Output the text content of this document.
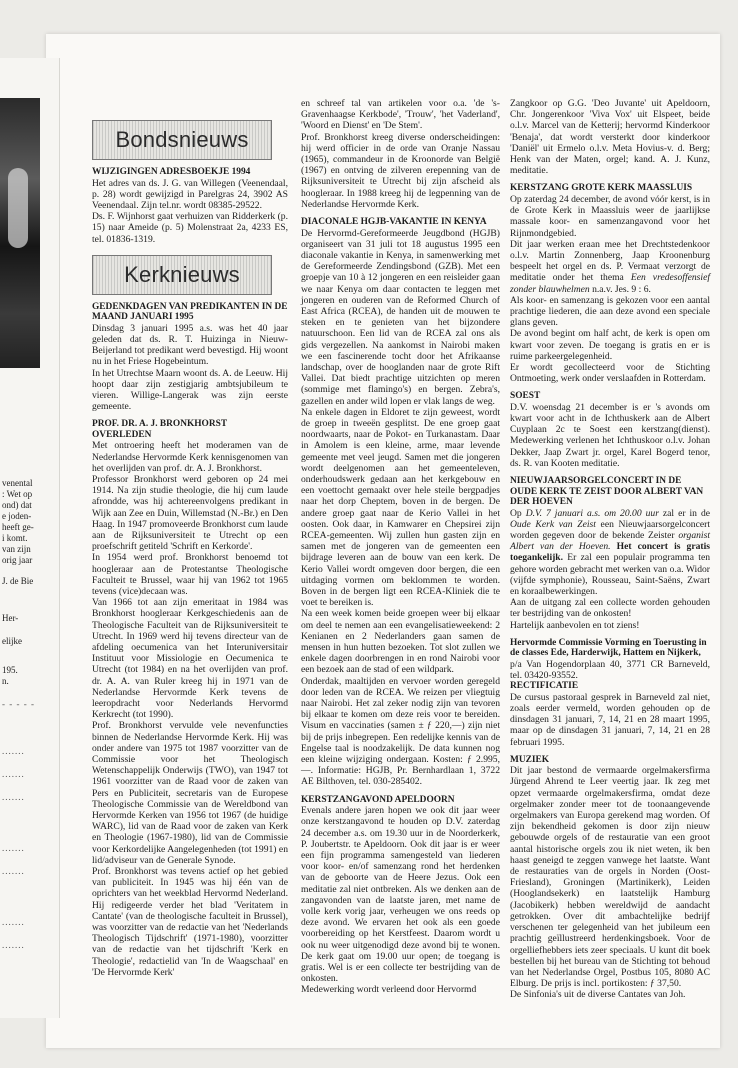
venental
: Wet op
ond) dat
e joden-
heeft ge-
i komt.
van zijn
orig jaar
J. de Bie
Her-
elijke
195.
n.
- - - - -
.......
.......
.......
.......
.......
.......
.......
Bondsnieuws
WIJZIGINGEN ADRESBOEKJE 1994

Het adres van ds. J. G. van Willegen (Veenendaal, p. 28) wordt gewijzigd in Parelgras 24, 3902 AS Veenendaal. Zijn tel.nr. wordt 08385-29522.

Ds. F. Wijnhorst gaat verhuizen van Ridderkerk (p. 15) naar Ameide (p. 5) Molenstraat 2a, 4233 ES, tel. 01836-1319.

Kerknieuws
GEDENKDAGEN VAN PREDIKANTEN IN DE MAAND JANUARI 1995

Dinsdag 3 januari 1995 a.s. was het 40 jaar geleden dat ds. R. T. Huizinga in Nieuw-Beijerland tot predikant werd bevestigd. Hij woont nu in het Friese Hogebeintum.

In het Utrechtse Maarn woont ds. A. de Leeuw. Hij hoopt daar zijn zestigjarig ambtsjubileum te vieren. Willige-Langerak was zijn eerste gemeente.

PROF. DR. A. J. BRONKHORST OVERLEDEN

Met ontroering heeft het moderamen van de Nederlandse Hervormde Kerk kennisgenomen van het overlijden van prof. dr. A. J. Bronkhorst.

Professor Bronkhorst werd geboren op 24 mei 1914. Na zijn studie theologie, die hij cum laude afrondde, was hij achtereenvolgens predikant in Wijk aan Zee en Duin, Willemstad (N.-Br.) en Den Haag. In 1947 promoveerde Bronkhorst cum laude aan de Rijksuniversiteit te Utrecht op een proefschrift getiteld 'Schrift en Kerkorde'.

In 1954 werd prof. Bronkhorst benoemd tot hoogleraar aan de Protestantse Theologische Faculteit te Brussel, waar hij van 1962 tot 1965 tevens (vice)decaan was.

Van 1966 tot aan zijn emeritaat in 1984 was Bronkhorst hoogleraar Kerkgeschiedenis aan de Theologische Faculteit van de Rijksuniversiteit te Utrecht. In 1969 werd hij tevens directeur van de afdeling oecumenica van het Interuniversitair Instituut voor Missiologie en Oecumenica te Utrecht (tot 1984) en na het overlijden van prof. dr. A. A. van Ruler kreeg hij in 1971 van de Nederlandse Hervormde Kerk tevens de leeropdracht voor Nederlands Hervormd Kerkrecht (tot 1990).

Prof. Bronkhorst vervulde vele nevenfuncties binnen de Nederlandse Hervormde Kerk. Hij was onder andere van 1975 tot 1987 voorzitter van de Commissie voor het Theologisch Wetenschappelijk Onderwijs (TWO), van 1947 tot 1961 voorzitter van de Raad voor de zaken van Pers en Publiciteit, secretaris van de Europese Theologische Commissie van de Wereldbond van Hervormde Kerken van 1956 tot 1967 (de huidige WARC), lid van de Raad voor de zaken van Kerk en Theologie (1967-1980), lid van de Commissie voor Kerkordelijke Aangelegenheden (tot 1991) en lid/adviseur van de Generale Synode.

Prof. Bronkhorst was tevens actief op het gebied van publiciteit. In 1945 was hij één van de oprichters van het weekblad Hervormd Nederland. Hij redigeerde verder het blad 'Veritatem in Cantate' (van de theologische faculteit in Brussel), was voorzitter van de redactie van het 'Nederlands Theologisch Tijdschrift' (1971-1980), voorzitter van de redactie van het tijdschrift 'Kerk en Theologie', redactielid van 'In de Waagschaal' en 'De Hervormde Kerk'

en schreef tal van artikelen voor o.a. 'de 's-Gravenhaagse Kerkbode', 'Trouw', 'het Vaderland', 'Woord en Dienst' en 'De Stem'.

Prof. Bronkhorst kreeg diverse onderscheidingen: hij werd officier in de orde van Oranje Nassau (1965), commandeur in de Kroonorde van België (1967) en ontving de zilveren erepenning van de Rijksuniversiteit te Utrecht bij zijn afscheid als hoogleraar. In 1988 kreeg hij de legpenning van de Nederlandse Hervormde Kerk.

DIACONALE HGJB-VAKANTIE IN KENYA

De Hervormd-Gereformeerde Jeugdbond (HGJB) organiseert van 31 juli tot 18 augustus 1995 een diaconale vakantie in Kenya, in samenwerking met de Gereformeerde Zendingsbond (GZB). Met een groepje van 10 à 12 jongeren en een reisleider gaan we naar Kenya om daar contacten te leggen met jongeren en ouderen van de Reformed Church of East Africa (RCEA), de handen uit de mouwen te steken en te genieten van het bijzondere natuurschoon. Een lid van de RCEA zal ons als gids vergezellen. Na aankomst in Nairobi maken we een fascinerende tocht door het Afrikaanse landschap, over de hooglanden naar de grote Rift Vallei. Dat biedt prachtige uitzichten op meren (sommige met flamingo's) en bergen. Zebra's, gazellen en ander wild lopen er vlak langs de weg.

Na enkele dagen in Eldoret te zijn geweest, wordt de groep in tweeën gesplitst. De ene groep gaat noordwaarts, naar de Pokot- en Turkanastam. Daar in Amolem is een kleine, arme, maar levende gemeente met veel jeugd. Samen met die jongeren wordt deelgenomen aan het gemeenteleven, onderhoudswerk gedaan aan het kerkgebouw en een voettocht gemaakt over hele steile bergpadjes naar het dorp Cheptem, boven in de bergen. De andere groep gaat naar de Kerio Vallei in het oosten. Ook daar, in Kamwarer en Chepsirei zijn RCEA-gemeenten. Wij zullen hun gasten zijn en samen met de jongeren van de gemeenten een bijdrage leveren aan de bouw van een kerk. De Kerio Vallei wordt omgeven door bergen, die een uitdaging vormen om beklommen te worden. Boven in de bergen ligt een RCEA-Kliniek die te voet te bereiken is.

Na een week komen beide groepen weer bij elkaar om deel te nemen aan een evangelisatieweekend: 2 Kenianen en 2 Nederlanders gaan samen de mensen in hun hutten bezoeken. Tot slot zullen we enkele dagen doorbrengen in en rond Nairobi voor een bezoek aan de stad of een wildpark.

Onderdak, maaltijden en vervoer worden geregeld door leden van de RCEA. We reizen per vliegtuig naar Nairobi. Het zal zeker nodig zijn van tevoren bij elkaar te komen om deze reis voor te bereiden. Visum en vaccinaties (samen ± ƒ 220,—) zijn niet bij de prijs inbegrepen. Een redelijke kennis van de Engelse taal is noodzakelijk. De data kunnen nog een kleine wijziging ondergaan. Kosten: ƒ 2.995,—. Informatie: HGJB, Pr. Bernhardlaan 1, 3722 AE Bilthoven, tel. 030-285402.

KERSTZANGAVOND APELDOORN

Evenals andere jaren hopen we ook dit jaar weer onze kerstzangavond te houden op D.V. zaterdag 24 december a.s. om 19.30 uur in de Noorderkerk, P. Joubertstr. te Apeldoorn. Ook dit jaar is er weer een fijn programma samengesteld van liederen voor koor- en/of samenzang rond het herdenken van de geboorte van de Heere Jezus. Ook een meditatie zal niet ontbreken. Als we denken aan de zangavonden van de laatste jaren, met name de volle kerk vorig jaar, verheugen we ons reeds op deze avond. We ervaren het ook als een goede voorbereiding op het Kerstfeest. Daarom wordt u ook nu weer uitgenodigd deze avond bij te wonen. De kerk gaat om 19.00 uur open; de toegang is gratis. Wel is er een collecte ter bestrijding van de onkosten.

Medewerking wordt verleend door Hervormd

Zangkoor op G.G. 'Deo Juvante' uit Apeldoorn, Chr. Jongerenkoor 'Viva Vox' uit Elspeet, beide o.l.v. Marcel van de Ketterij; hervormd Kinderkoor 'Benaja', dat wordt versterkt door kinderkoor 'Daniël' uit Ermelo o.l.v. Meta Hovius-v. d. Berg; Henk van der Maten, orgel; kand. A. J. Kunz, meditatie.

KERSTZANG GROTE KERK MAASSLUIS

Op zaterdag 24 december, de avond vóór kerst, is in de Grote Kerk in Maassluis weer de jaarlijkse massale koor- en samenzangavond voor het Rijnmondgebied.

Dit jaar werken eraan mee het Drechtstedenkoor o.l.v. Martin Zonnenberg, Jaap Kroonenburg bespeelt het orgel en ds. P. Vermaat verzorgt de meditatie onder het thema Een vredesoffensief zonder blauwhelmen n.a.v. Jes. 9 : 6.

Als koor- en samenzang is gekozen voor een aantal prachtige liederen, die aan deze avond een speciale glans geven.

De avond begint om half acht, de kerk is open om kwart voor zeven. De toegang is gratis en er is ruime parkeergelegenheid.

Er wordt gecollecteerd voor de Stichting Ontmoeting, werk onder verslaafden in Rotterdam.

SOEST

D.V. woensdag 21 december is er 's avonds om kwart voor acht in de Ichthuskerk aan de Albert Cuyplaan 2c te Soest een kerstzang(dienst). Medewerking verlenen het Ichthuskoor o.l.v. Johan Dekker, Jaap Zwart jr. orgel, Karel Bogerd tenor, ds. R. van Kooten meditatie.

NIEUWJAARSORGELCONCERT IN DE OUDE KERK TE ZEIST DOOR ALBERT VAN DER HOEVEN

Op D.V. 7 januari a.s. om 20.00 uur zal er in de Oude Kerk van Zeist een Nieuwjaarsorgelconcert worden gegeven door de bekende Zeister organist Albert van der Hoeven. Het concert is gratis toegankelijk. Er zal een populair programma ten gehore worden gebracht met werken van o.a. Widor (vijfde symphonie), Rousseau, Saint-Saëns, Zwart en koraalbewerkingen.

Aan de uitgang zal een collecte worden gehouden ter bestrijding van de onkosten!

Hartelijk aanbevolen en tot ziens!

Hervormde Commissie Vorming en Toerusting in de classes Ede, Harderwijk, Hattem en Nijkerk,

p/a Van Hogendorplaan 40, 3771 CR Barneveld, tel. 03420-93552.

RECTIFICATIE

De cursus pastoraal gesprek in Barneveld zal niet, zoals eerder vermeld, worden gehouden op de dinsdagen 31 januari, 7, 14, 21 en 28 maart 1995, maar op de dinsdagen 31 januari, 7, 14, 21 en 28 februari 1995.

MUZIEK

Dit jaar bestond de vermaarde orgelmakersfirma Jürgend Ahrend te Leer veertig jaar. Ik zeg met opzet vermaarde orgelmakersfirma, omdat deze orgelmaker zonder meer tot de toonaangevende orgelmakers van Europa gerekend mag worden. Of zijn bekendheid gekomen is door zijn nieuw gebouwde orgels of de restauratie van een groot aantal historische orgels zou ik niet weten, ik ben haast geneigd te zeggen vanwege het laatste. Want de restauraties van de orgels in Norden (Oost-Friesland), Groningen (Martinikerk), Leiden (Hooglandsekerk) en laatstelijk Hamburg (Jacobikerk) hebben wereldwijd de aandacht getrokken. Over dit ambachtelijke bedrijf verschenen ter gelegenheid van het jubileum een prachtig geïllustreerd herdenkingsboek. Voor de orgelliefhebbers iets zeer speciaals. U kunt dit boek bestellen bij het bureau van de Stichting tot behoud van het Nederlandse Orgel, Postbus 105, 8080 AC Elburg. De prijs is incl. portikosten: ƒ 37,50.

De Sinfonia's uit de diverse Cantates van Joh.
